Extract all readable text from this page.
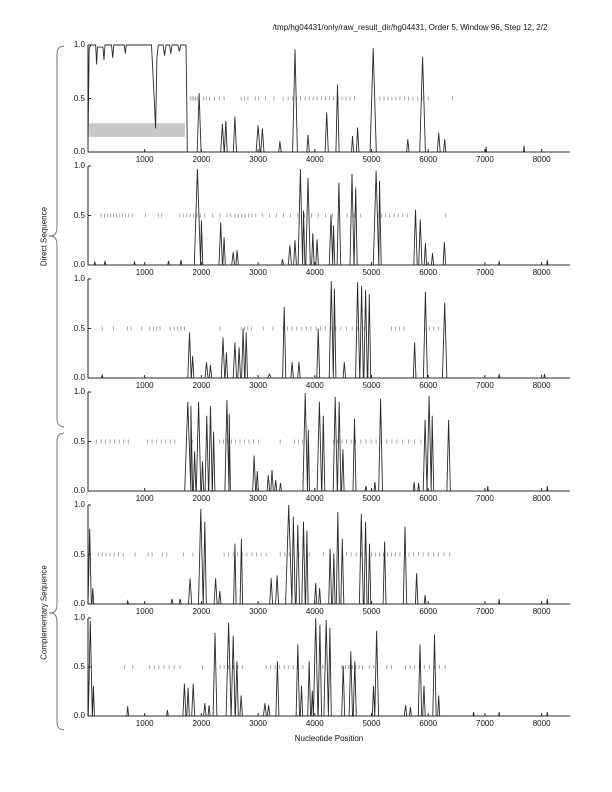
/tmp/hg04431/only/raw_result_dir/hg04431, Order 5, Window 96, Step 12, 2/2
Direct Sequence
Complementary Sequence
Nucleotide Position
1000	2000	3000	4000	5000	6000	7000	8000
0.0
0.5
1.0
1000	2000	3000	4000	5000	6000	7000	8000
0.0
0.5
1.0
1000	2000	3000	4000	5000	6000	7000	8000
0.0
0.5
1.0
1000	2000	3000	4000	5000	6000	7000	8000
0.0
0.5
1.0
1000	2000	3000	4000	5000	6000	7000	8000
0.0
0.5
1.0
1000	2000	3000	4000	5000	6000	7000	8000
0.0
0.5
1.0
